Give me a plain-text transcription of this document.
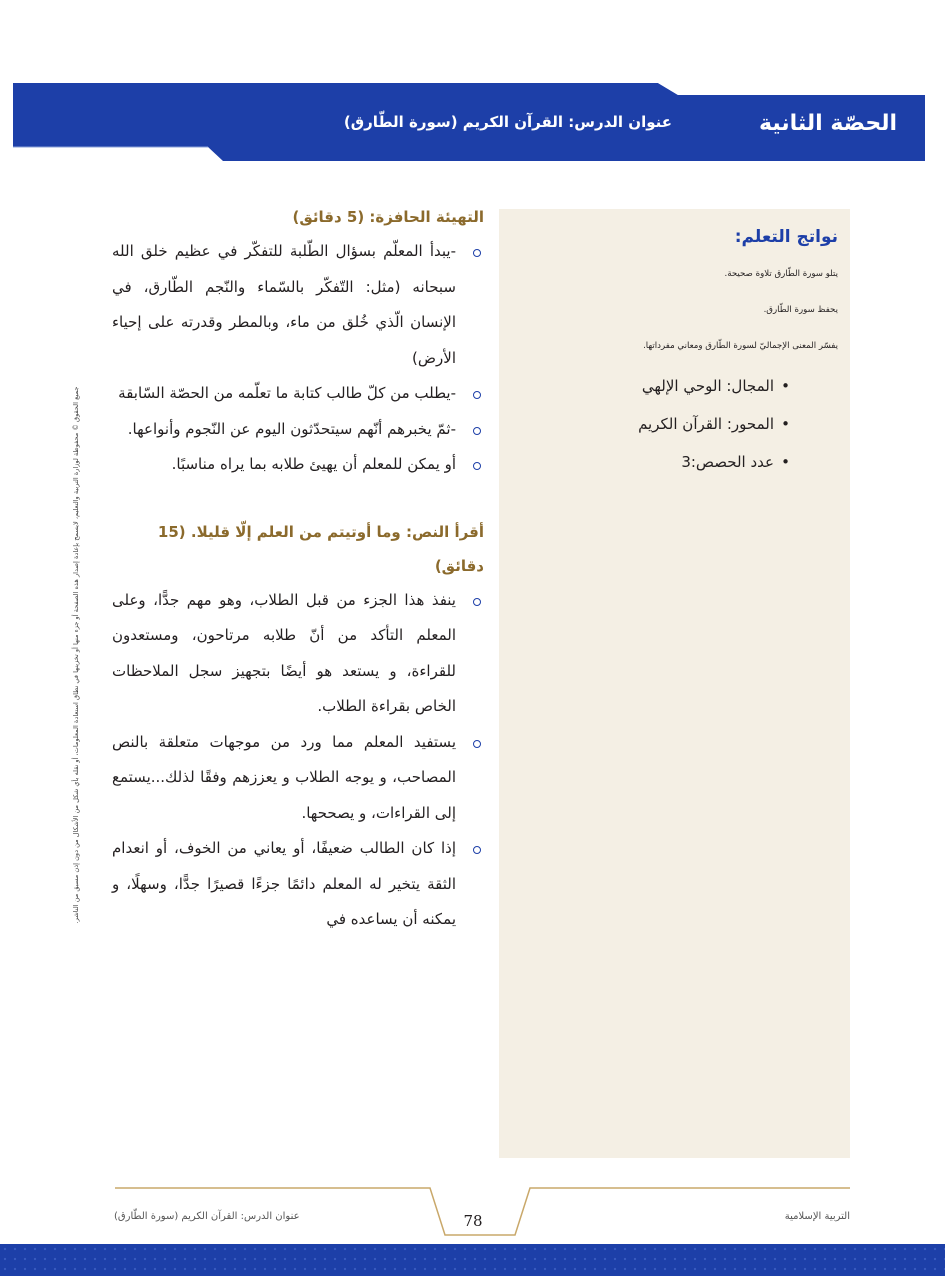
الحصّة الثانية
عنوان الدرس: القرآن الكريم (سورة الطّارق)
جميع الحقوق © محفوظة لوزارة التربية والتعليم، لايسمح بإعادة إصدار هذه الصفحة أو جزء منها أو تخزينها في نطاق استعادة المعلومات، أو نقله بأي شكل من الأشكال من دون إذن مسبق من الناشر.
نواتج التعلم:
يتلو سورة الطّارق تلاوة صحيحة.
يحفظ سورة الطّارق.
يفسّر المعنى الإجماليّ لسورة الطّارق ومعاني مفرداتها.
• المجال: الوحي الإلهي
• المحور: القرآن الكريم
• عدد الحصص:3
التهيئة الحافزة: (5 دقائق)
-يبدأ المعلّم بسؤال الطّلبة للتفكّر في عظيم خلق الله سبحانه (مثل: التّفكّر بالسّماء والنّجم الطّارق، في الإنسان الّذي خُلق من ماء، وبالمطر وقدرته على إحياء الأرض)
-يطلب من كلّ طالب كتابة ما تعلّمه من الحصّة السّابقة
-ثمّ يخبرهم أنّهم سيتحدّثون اليوم عن النّجوم وأنواعها.
أو يمكن للمعلم أن يهيئ طلابه بما يراه مناسبًا.
أقرأ النص: وما أوتيتم من العلم إلّا قليلا. (15 دقائق)
ينفذ هذا الجزء من قبل الطلاب، وهو مهم جدًّا، وعلى المعلم التأكد من أنّ طلابه مرتاحون، ومستعدون للقراءة، و يستعد هو أيضًا بتجهيز سجل الملاحظات الخاص بقراءة الطلاب.
يستفيد المعلم مما ورد من موجهات متعلقة بالنص المصاحب، و يوجه الطلاب و يعززهم وفقًا لذلك...يستمع إلى القراءات، و يصححها.
إذا كان الطالب ضعيفًا، أو يعاني من الخوف، أو انعدام الثقة يتخير له المعلم دائمًا جزءًا قصيرًا جدًّا، وسهلًا، و يمكنه أن يساعده في
عنوان الدرس: القرآن الكريم (سورة الطّارق)	78	التربية الإسلامية
